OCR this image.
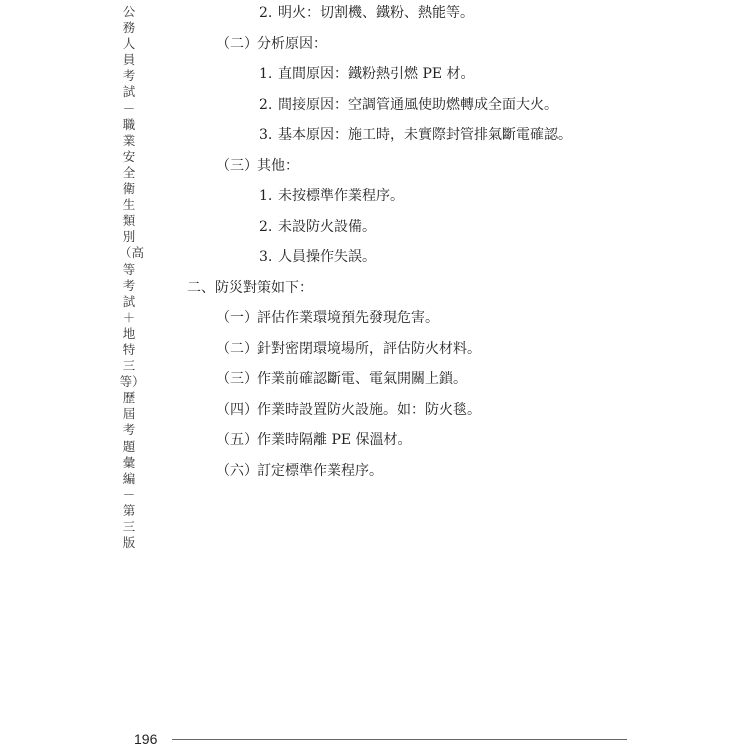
公務人員考試－職業安全衛生類別（高等考試＋地特三等）歷屆考題彙編－第三版
2. 明火：切割機、鐵粉、熱能等。
（二）分析原因：
1. 直間原因：鐵粉熱引燃 PE 材。
2. 間接原因：空調管通風使助燃轉成全面大火。
3. 基本原因：施工時，未實際封管排氣斷電確認。
（三）其他：
1. 未按標準作業程序。
2. 未設防火設備。
3. 人員操作失誤。
二、防災對策如下：
（一）評估作業環境預先發現危害。
（二）針對密閉環境場所，評估防火材料。
（三）作業前確認斷電、電氣開關上鎖。
（四）作業時設置防火設施。如：防火毯。
（五）作業時隔離 PE 保溫材。
（六）訂定標準作業程序。
196
